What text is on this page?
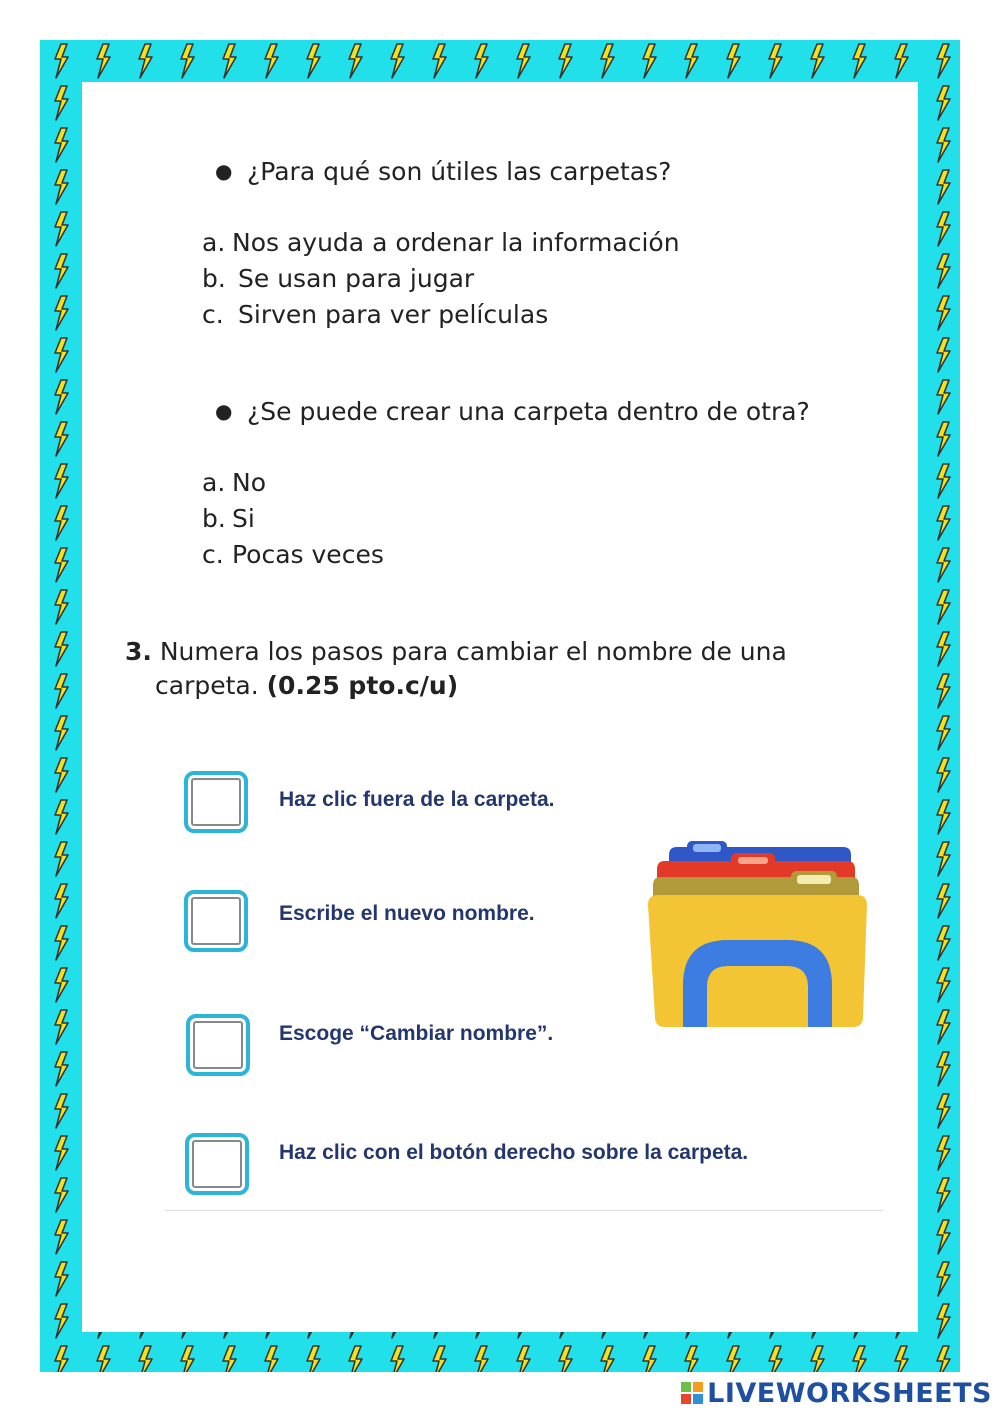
● ¿Para qué son útiles las carpetas?
a. Nos ayuda a ordenar la información
b. Se usan para jugar
c. Sirven para ver películas
● ¿Se puede crear una carpeta dentro de otra?
a. No
b. Si
c. Pocas veces
3. Numera los pasos para cambiar el nombre de una
carpeta. (0.25 pto.c/u)
Haz clic fuera de la carpeta.
Escribe el nuevo nombre.
Escoge “Cambiar nombre”.
Haz clic con el botón derecho sobre la carpeta.
LIVEWORKSHEETS
